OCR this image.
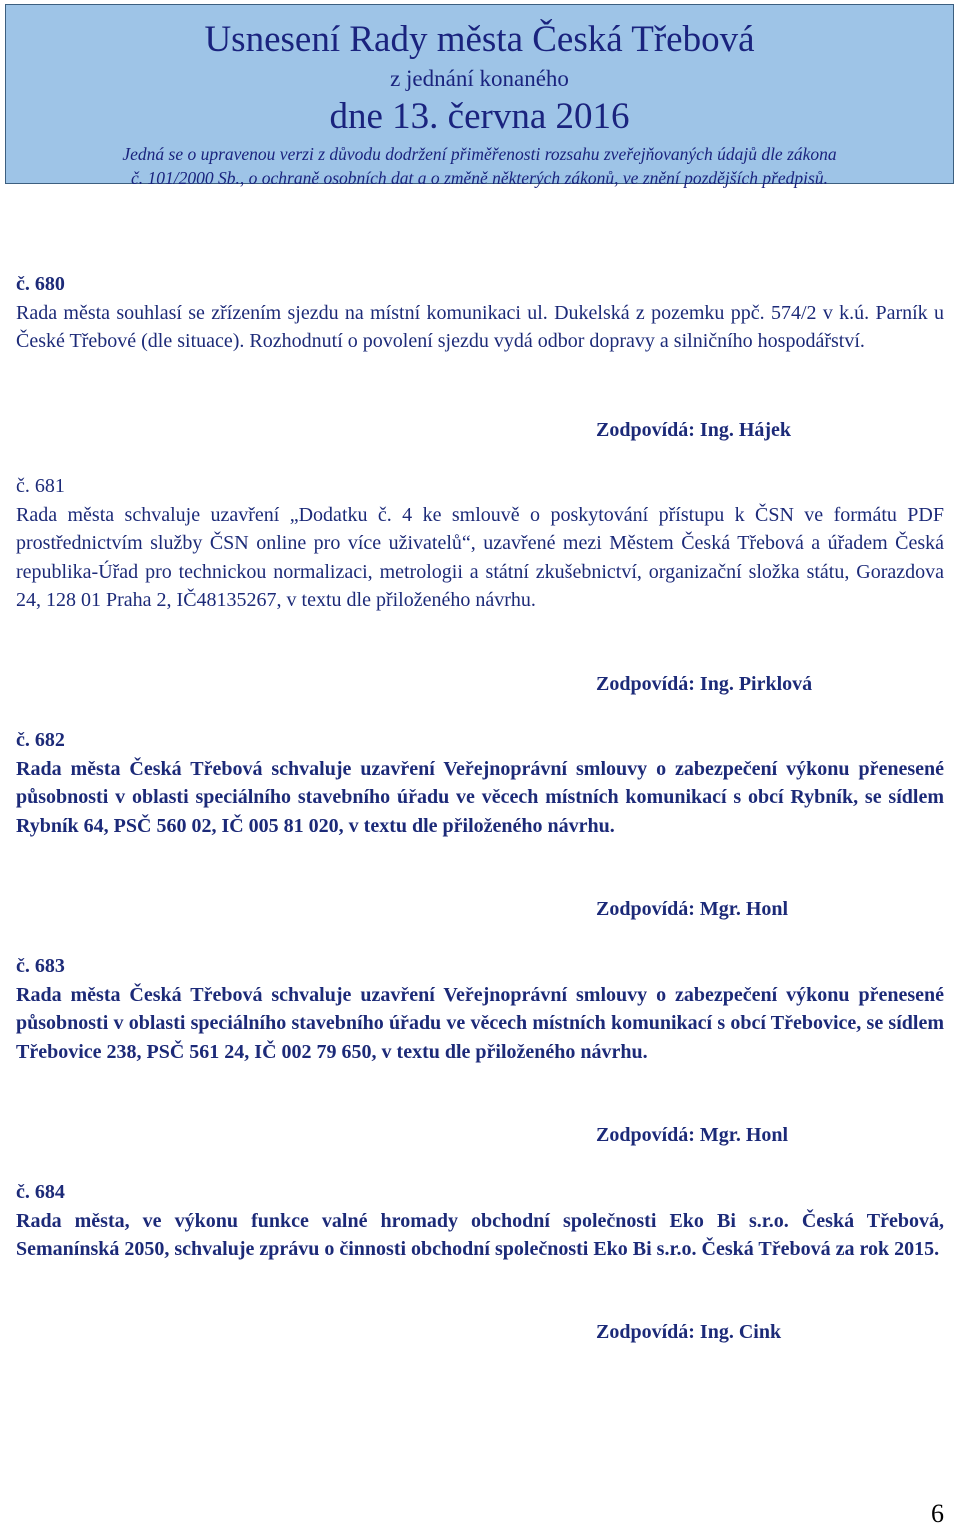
Usnesení Rady města Česká Třebová
z jednání konaného
dne 13. června 2016
Jedná se o upravenou verzi z důvodu dodržení přiměřenosti rozsahu zveřejňovaných údajů dle zákona
č. 101/2000 Sb., o ochraně osobních dat a o změně některých zákonů, ve znění pozdějších předpisů.
č. 680
Rada města souhlasí se zřízením sjezdu na místní komunikaci ul. Dukelská z pozemku ppč. 574/2 v k.ú. Parník u České Třebové (dle situace). Rozhodnutí o povolení sjezdu vydá odbor dopravy a silničního hospodářství.
Zodpovídá: Ing. Hájek
č. 681
Rada města schvaluje uzavření „Dodatku č. 4 ke smlouvě o poskytování přístupu k ČSN ve formátu PDF prostřednictvím služby ČSN online pro více uživatelů“, uzavřené mezi Městem Česká Třebová a úřadem Česká republika-Úřad pro technickou normalizaci, metrologii a státní zkušebnictví, organizační složka státu, Gorazdova 24, 128 01 Praha 2, IČ48135267, v textu dle přiloženého návrhu.
Zodpovídá: Ing. Pirklová
č. 682
Rada města Česká Třebová schvaluje uzavření Veřejnoprávní smlouvy o zabezpečení výkonu přenesené působnosti v oblasti speciálního stavebního úřadu ve věcech místních komunikací s obcí Rybník, se sídlem Rybník 64, PSČ 560 02, IČ 005 81 020, v textu dle přiloženého návrhu.
Zodpovídá: Mgr. Honl
č. 683
Rada města Česká Třebová schvaluje uzavření Veřejnoprávní smlouvy o zabezpečení výkonu přenesené působnosti v oblasti speciálního stavebního úřadu ve věcech místních komunikací s obcí Třebovice, se sídlem Třebovice 238, PSČ 561 24, IČ 002 79 650, v textu dle přiloženého návrhu.
Zodpovídá: Mgr. Honl
č. 684
Rada města, ve výkonu funkce valné hromady obchodní společnosti Eko Bi s.r.o. Česká Třebová, Semanínská 2050, schvaluje zprávu o činnosti obchodní společnosti Eko Bi s.r.o. Česká Třebová za rok 2015.
Zodpovídá: Ing. Cink
6
